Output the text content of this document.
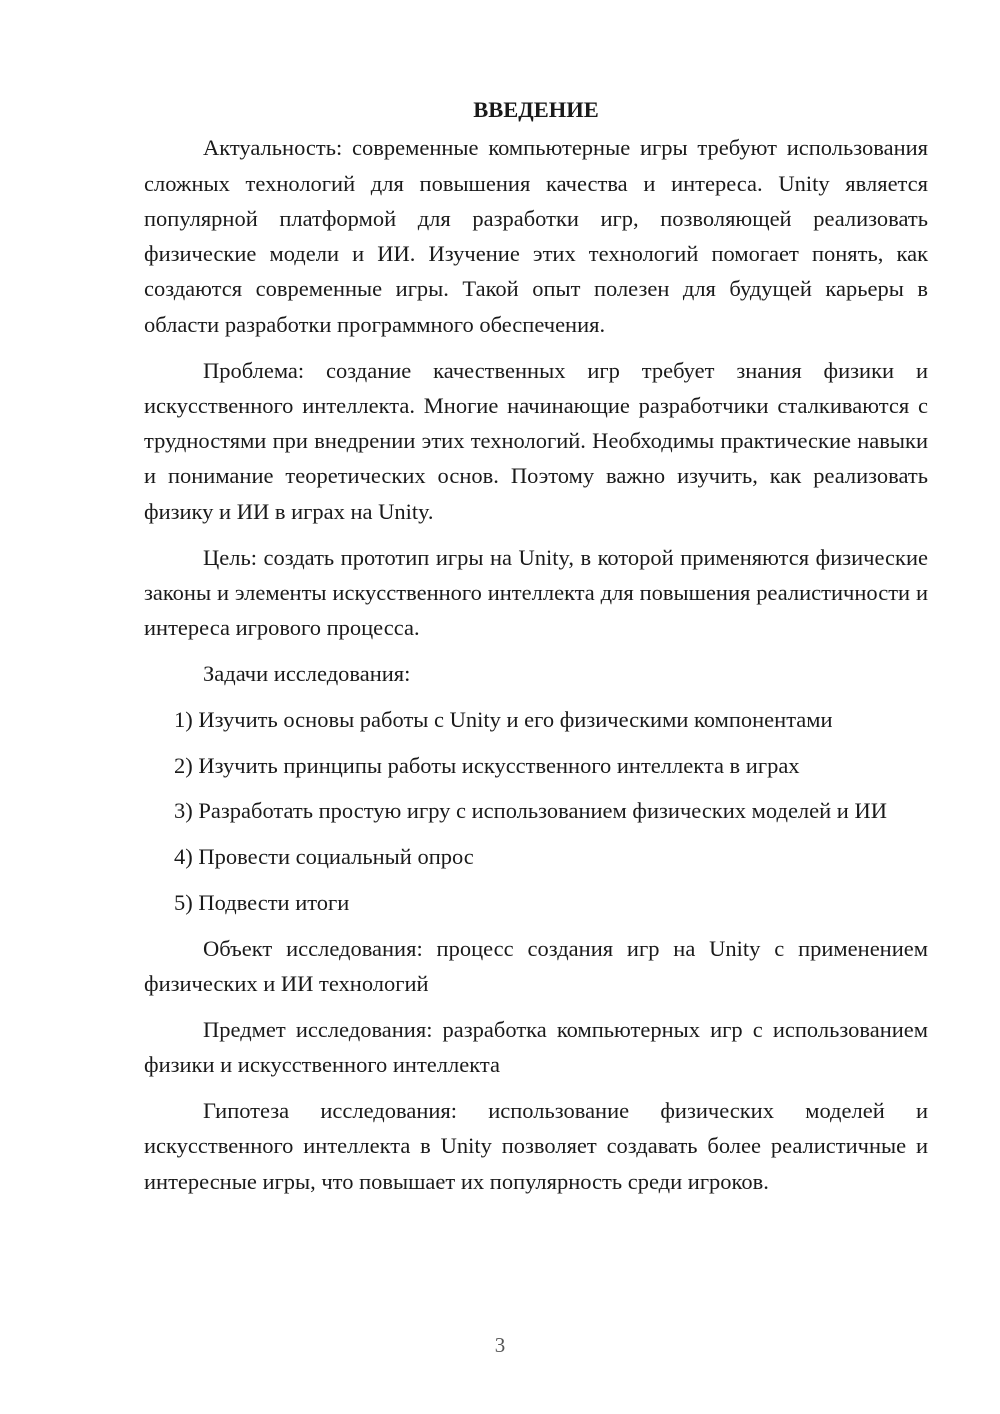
ВВЕДЕНИЕ

Актуальность: современные компьютерные игры требуют использования сложных технологий для повышения качества и интереса. Unity является популярной платформой для разработки игр, позволяющей реализовать физические модели и ИИ. Изучение этих технологий помогает понять, как создаются современные игры. Такой опыт полезен для будущей карьеры в области разработки программного обеспечения.

Проблема: создание качественных игр требует знания физики и искусственного интеллекта. Многие начинающие разработчики сталкиваются с трудностями при внедрении этих технологий. Необходимы практические навыки и понимание теоретических основ. Поэтому важно изучить, как реализовать физику и ИИ в играх на Unity.

Цель: создать прототип игры на Unity, в которой применяются физические законы и элементы искусственного интеллекта для повышения реалистичности и интереса игрового процесса.

Задачи исследования:

1) Изучить основы работы с Unity и его физическими компонентами

2) Изучить принципы работы искусственного интеллекта в играх

3) Разработать простую игру с использованием физических моделей и ИИ

4) Провести социальный опрос

5) Подвести итоги

Объект исследования: процесс создания игр на Unity с применением физических и ИИ технологий

Предмет исследования: разработка компьютерных игр с использованием физики и искусственного интеллекта

Гипотеза исследования: использование физических моделей и искусственного интеллекта в Unity позволяет создавать более реалистичные и интересные игры, что повышает их популярность среди игроков.

3
